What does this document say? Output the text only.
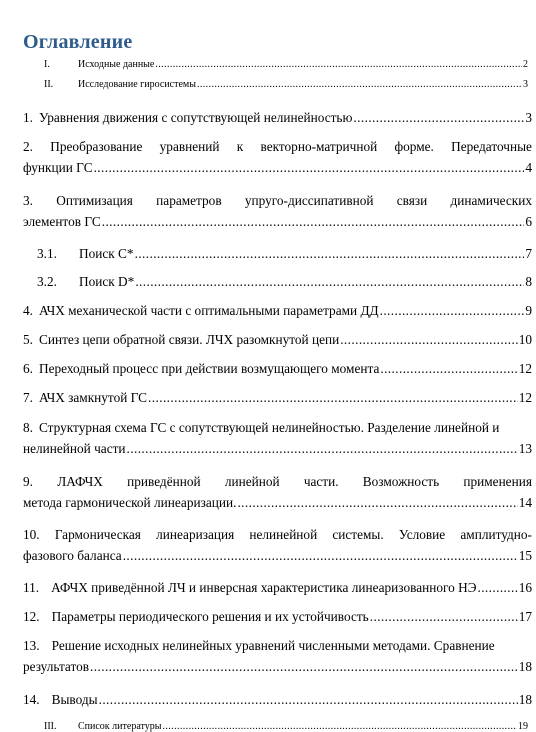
Оглавление
I.	Исходные данные .....	2
II.	Исследование гиросистемы .....	3
1. Уравнения движения с сопутствующей нелинейностью .....	3
2. Преобразование уравнений к векторно-матричной форме. Передаточные
функции ГС .....	4
3. Оптимизация параметров упруго-диссипативной связи динамических
элементов ГС .....	6
3.1.	Поиск C* .....	7
3.2.	Поиск D* .....	8
4. АЧХ механической части с оптимальными параметрами ДД .....	9
5. Синтез цепи обратной связи. ЛЧХ разомкнутой цепи .....	10
6. Переходный процесс при действии возмущающего момента .....	12
7. АЧХ замкнутой ГС .....	12
8. Структурная схема ГС с сопутствующей нелинейностью. Разделение линейной и
нелинейной части .....	13
9. ЛАФЧХ приведённой линейной части. Возможность применения
метода гармонической линеаризации. .....	14
10. Гармоническая линеаризация нелинейной системы. Условие амплитудно-
фазового баланса .....	15
11. АФЧХ приведённой ЛЧ и инверсная характеристика линеаризованного НЭ .....	16
12. Параметры периодического решения и их устойчивость .....	17
13. Решение исходных нелинейных уравнений численными методами. Сравнение
результатов .....	18
14. Выводы .....	18
III.	Список литературы .....	19
